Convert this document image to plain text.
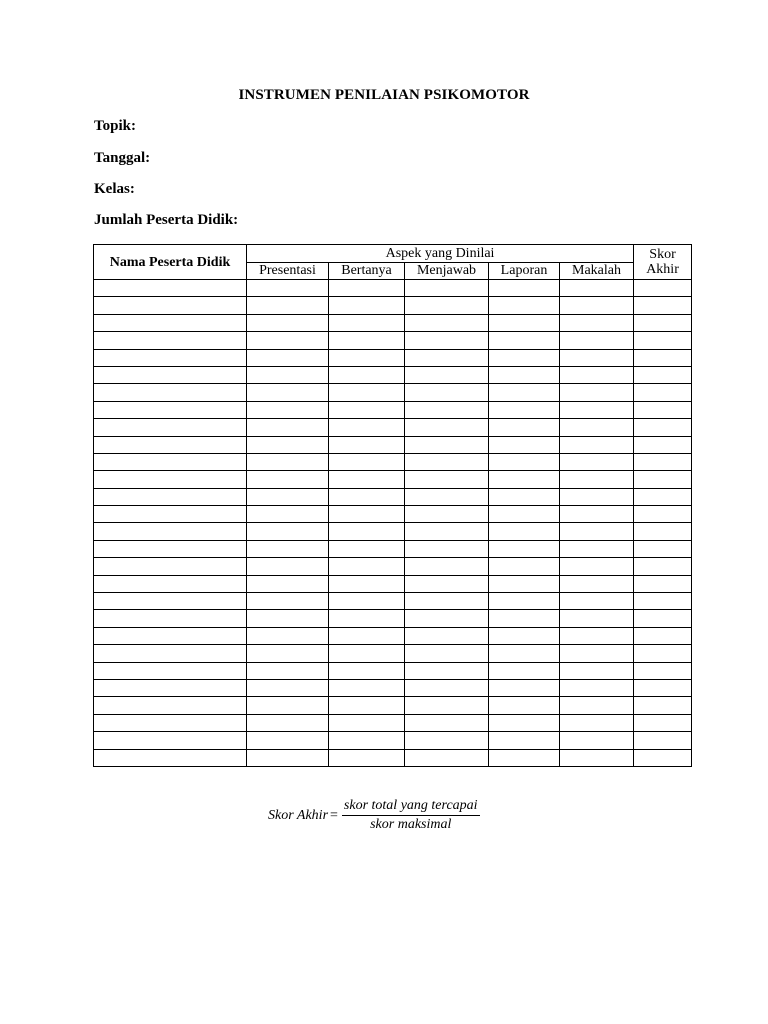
INSTRUMEN PENILAIAN PSIKOMOTOR
Topik:
Tanggal:
Kelas:
Jumlah Peserta Didik:
Nama Peserta Didik	Aspek yang Dinilai					Skor
Akhir

	Presentasi	Bertanya	Menjawab	Laporan	Makalah	

Skor Akhir = $\frac{\text{skor total yang tercapai}}{\text{skor maksimal}}$
